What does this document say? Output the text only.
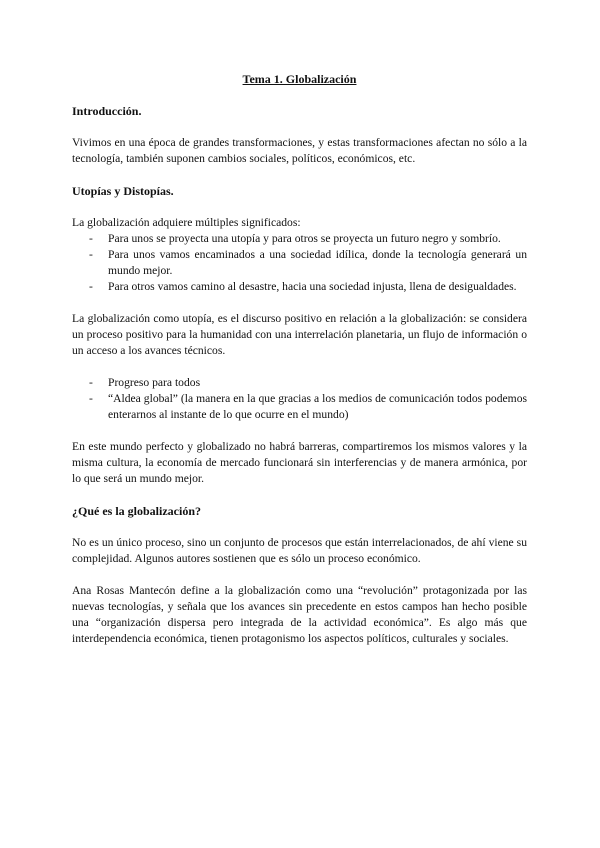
Tema 1. Globalización
Introducción.

Vivimos en una época de grandes transformaciones, y estas transformaciones afectan no sólo a la tecnología, también suponen cambios sociales, políticos, económicos, etc.

Utopías y Distopías.

La globalización adquiere múltiples significados:

- Para unos se proyecta una utopía y para otros se proyecta un futuro negro y sombrío.
- Para unos vamos encaminados a una sociedad idílica, donde la tecnología generará un mundo mejor.
- Para otros vamos camino al desastre, hacia una sociedad injusta, llena de desigualdades.

La globalización como utopía, es el discurso positivo en relación a la globalización: se considera un proceso positivo para la humanidad con una interrelación planetaria, un flujo de información o un acceso a los avances técnicos.

- Progreso para todos
- “Aldea global” (la manera en la que gracias a los medios de comunicación todos podemos enterarnos al instante de lo que ocurre en el mundo)

En este mundo perfecto y globalizado no habrá barreras, compartiremos los mismos valores y la misma cultura, la economía de mercado funcionará sin interferencias y de manera armónica, por lo que será un mundo mejor.

¿Qué es la globalización?

No es un único proceso, sino un conjunto de procesos que están interrelacionados, de ahí viene su complejidad. Algunos autores sostienen que es sólo un proceso económico.

Ana Rosas Mantecón define a la globalización como una “revolución” protagonizada por las nuevas tecnologías, y señala que los avances sin precedente en estos campos han hecho posible una “organización dispersa pero integrada de la actividad económica”. Es algo más que interdependencia económica, tienen protagonismo los aspectos políticos, culturales y sociales.
